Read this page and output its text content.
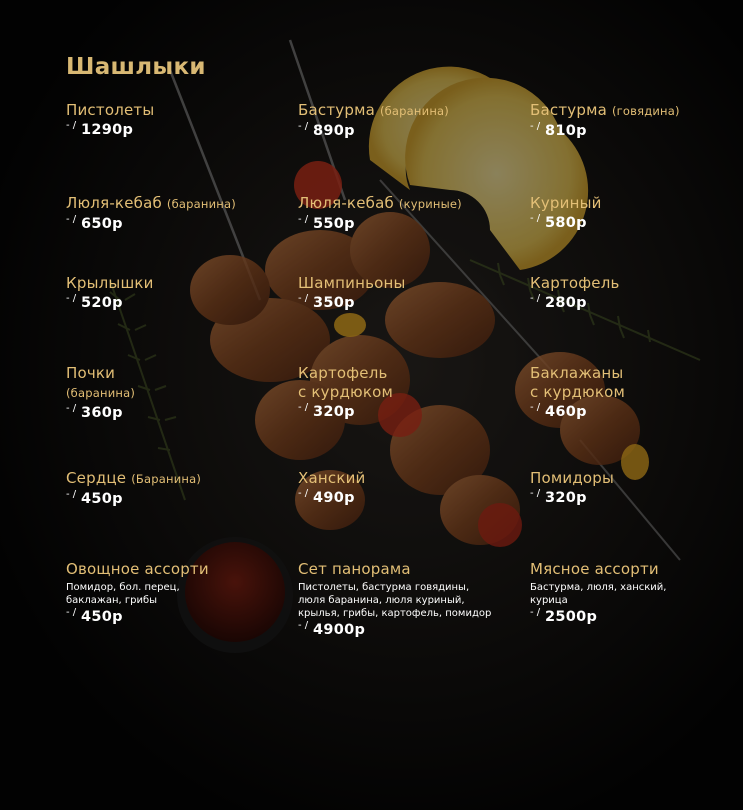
Шашлыки
Пистолеты
- / 1290р
Бастурма (баранина)
- / 890р
Бастурма (говядина)
- / 810р
Люля-кебаб (баранина)
- / 650р
Люля-кебаб (куриные)
- / 550р
Куриный
- / 580р
Крылышки
- / 520р
Шампиньоны
- / 350р
Картофель
- / 280р
Почки
(баранина)
- / 360р
Картофель
с курдюком
- / 320р
Баклажаны
с курдюком
- / 460р
Сердце (Баранина)
- / 450р
Ханский
- / 490р
Помидоры
- / 320р
Овощное ассорти
Помидор, бол. перец, баклажан, грибы
- / 450р
Сет панорама
Пистолеты, бастурма говядины, люля баранина, люля куриный, крылья, грибы, картофель, помидор
- / 4900р
Мясное ассорти
Бастурма, люля, ханский, курица
- / 2500р
